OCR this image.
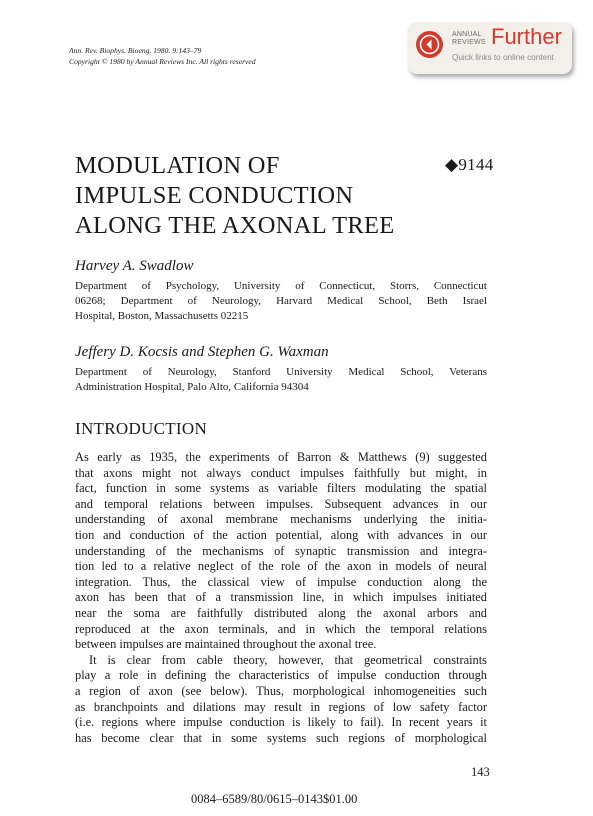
Ann. Rev. Biophys. Bioeng. 1980. 9:143–79
Copyright © 1980 by Annual Reviews Inc. All rights reserved
ANNUAL
REVIEWS Further
Quick links to online content
MODULATION OF
IMPULSE CONDUCTION
ALONG THE AXONAL TREE
◆9144
Harvey A. Swadlow
Department of Psychology, University of Connecticut, Storrs, Connecticut
06268; Department of Neurology, Harvard Medical School, Beth Israel
Hospital, Boston, Massachusetts 02215
Jeffery D. Kocsis and Stephen G. Waxman
Department of Neurology, Stanford University Medical School, Veterans
Administration Hospital, Palo Alto, California 94304
INTRODUCTION
As early as 1935, the experiments of Barron & Matthews (9) suggested
that axons might not always conduct impulses faithfully but might, in
fact, function in some systems as variable filters modulating the spatial
and temporal relations between impulses. Subsequent advances in our
understanding of axonal membrane mechanisms underlying the initia-
tion and conduction of the action potential, along with advances in our
understanding of the mechanisms of synaptic transmission and integra-
tion led to a relative neglect of the role of the axon in models of neural
integration. Thus, the classical view of impulse conduction along the
axon has been that of a transmission line, in which impulses initiated
near the soma are faithfully distributed along the axonal arbors and
reproduced at the axon terminals, and in which the temporal relations
between impulses are maintained throughout the axonal tree.
It is clear from cable theory, however, that geometrical constraints
play a role in defining the characteristics of impulse conduction through
a region of axon (see below). Thus, morphological inhomogeneities such
as branchpoints and dilations may result in regions of low safety factor
(i.e. regions where impulse conduction is likely to fail). In recent years it
has become clear that in some systems such regions of morphological
143
0084–6589/80/0615–0143$01.00
